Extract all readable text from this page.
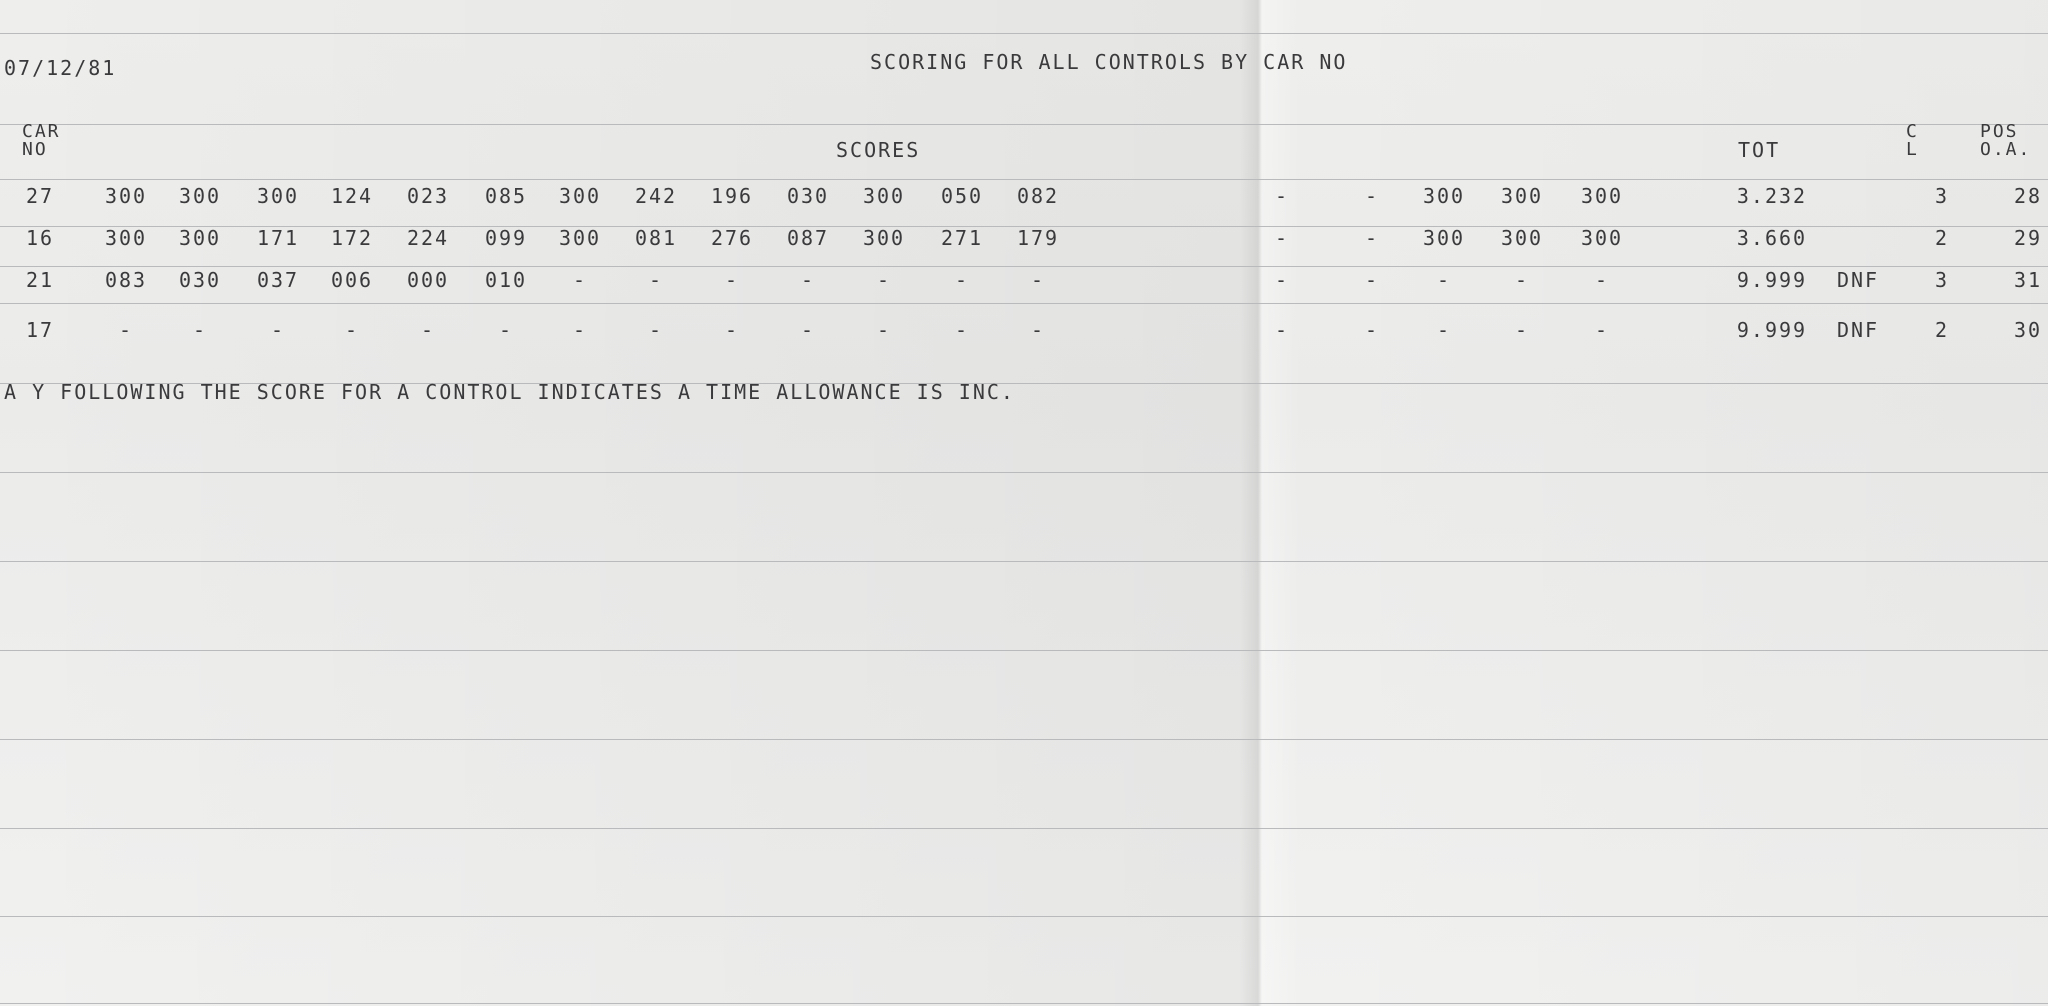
07/12/81	SCORING FOR ALL CONTROLS BY CAR NO
CAR
NO	SCORES	TOT
C
L
POS
O.A.
27	300 300 300 124 023 085 300 242 196 030 300 050 082	-	- 300 300 300	3.232	3	28
16	300 300 171 172 224 099 300 081 276 087 300 271 179	-	- 300 300 300	3.660	2	29
21	083 030 037 006 000 010 -	-	-	-	-	-	-	-	-	-	-	-	9.999 DNF	3	31
17	-	-	-	-	-	-	-	-	-	-	-	-	-	-	-	-	-	-	9.999 DNF	2	30
A Y FOLLOWING THE SCORE FOR A CONTROL INDICATES A TIME ALLOWANCE IS INC.
